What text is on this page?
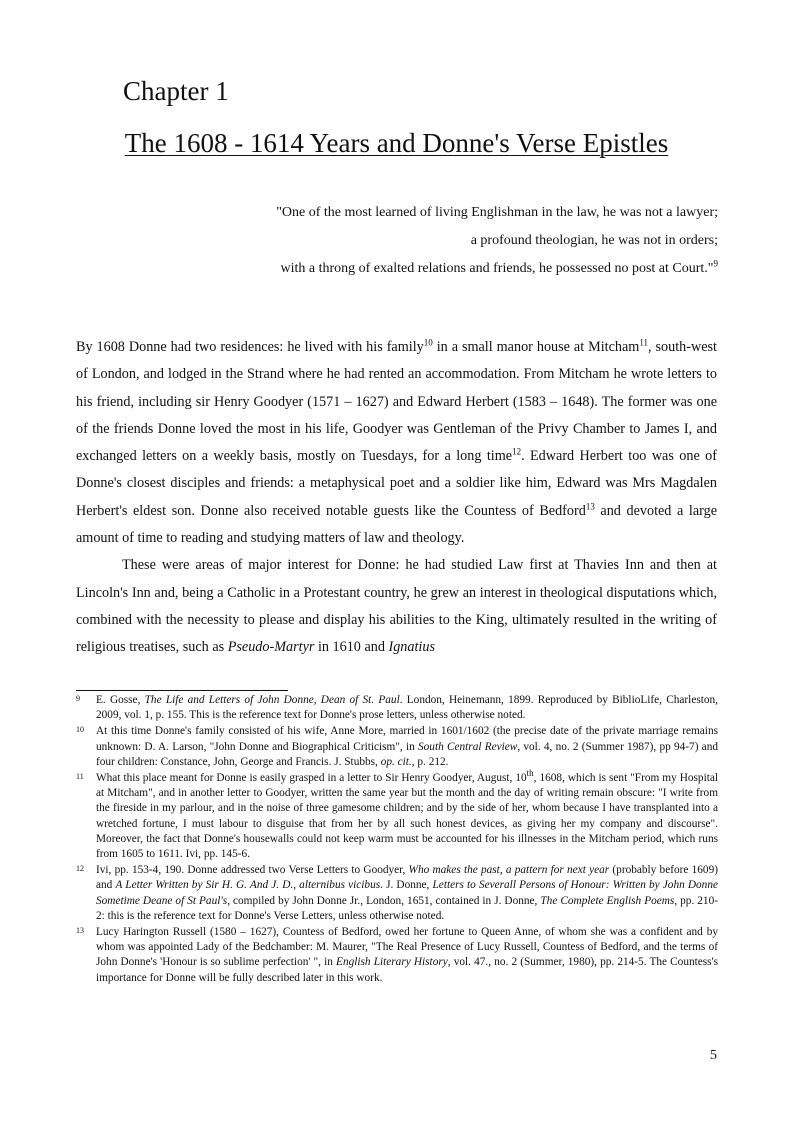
Chapter 1
The 1608 - 1614 Years and Donne's Verse Epistles

"One of the most learned of living Englishman in the law, he was not a lawyer;

a profound theologian, he was not in orders;

with a throng of exalted relations and friends, he possessed no post at Court."$^9$

By 1608 Donne had two residences: he lived with his family$^{10}$ in a small manor house at Mitcham$^{11}$, south-west of London, and lodged in the Strand where he had rented an accommodation. From Mitcham he wrote letters to his friend, including sir Henry Goodyer (1571 – 1627) and Edward Herbert (1583 – 1648). The former was one of the friends Donne loved the most in his life, Goodyer was Gentleman of the Privy Chamber to James I, and exchanged letters on a weekly basis, mostly on Tuesdays, for a long time$^{12}$. Edward Herbert too was one of Donne's closest disciples and friends: a metaphysical poet and a soldier like him, Edward was Mrs Magdalen Herbert's eldest son. Donne also received notable guests like the Countess of Bedford$^{13}$ and devoted a large amount of time to reading and studying matters of law and theology.

These were areas of major interest for Donne: he had studied Law first at Thavies Inn and then at Lincoln's Inn and, being a Catholic in a Protestant country, he grew an interest in theological disputations which, combined with the necessity to please and display his abilities to the King, ultimately resulted in the writing of religious treatises, such as Pseudo-Martyr in 1610 and Ignatius

9 E. Gosse, The Life and Letters of John Donne, Dean of St. Paul. London, Heinemann, 1899. Reproduced by BiblioLife, Charleston, 2009, vol. 1, p. 155. This is the reference text for Donne's prose letters, unless otherwise noted.

10 At this time Donne's family consisted of his wife, Anne More, married in 1601/1602 (the precise date of the private marriage remains unknown: D. A. Larson, "John Donne and Biographical Criticism", in South Central Review, vol. 4, no. 2 (Summer 1987), pp 94-7) and four children: Constance, John, George and Francis. J. Stubbs, op. cit., p. 212.

11 What this place meant for Donne is easily grasped in a letter to Sir Henry Goodyer, August, 10th, 1608, which is sent "From my Hospital at Mitcham", and in another letter to Goodyer, written the same year but the month and the day of writing remain obscure: "I write from the fireside in my parlour, and in the noise of three gamesome children; and by the side of her, whom because I have transplanted into a wretched fortune, I must labour to disguise that from her by all such honest devices, as giving her my company and discourse". Moreover, the fact that Donne's housewalls could not keep warm must be accounted for his illnesses in the Mitcham period, which runs from 1605 to 1611. Ivi, pp. 145-6.

12 Ivi, pp. 153-4, 190. Donne addressed two Verse Letters to Goodyer, Who makes the past, a pattern for next year (probably before 1609) and A Letter Written by Sir H. G. And J. D., alternibus vicibus. J. Donne, Letters to Severall Persons of Honour: Written by John Donne Sometime Deane of St Paul's, compiled by John Donne Jr., London, 1651, contained in J. Donne, The Complete English Poems, pp. 210-2: this is the reference text for Donne's Verse Letters, unless otherwise noted.

13 Lucy Harington Russell (1580 – 1627), Countess of Bedford, owed her fortune to Queen Anne, of whom she was a confident and by whom was appointed Lady of the Bedchamber: M. Maurer, "The Real Presence of Lucy Russell, Countess of Bedford, and the terms of John Donne's 'Honour is so sublime perfection' ", in English Literary History, vol. 47., no. 2 (Summer, 1980), pp. 214-5. The Countess's importance for Donne will be fully described later in this work.

5
